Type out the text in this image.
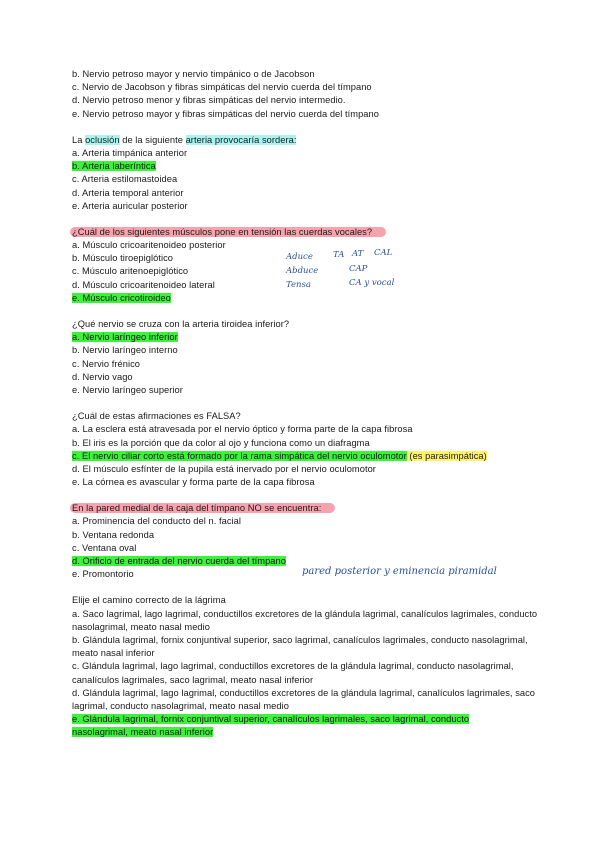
b. Nervio petroso mayor y nervio timpánico o de Jacobson
c. Nervio de Jacobson y fibras simpáticas del nervio cuerda del tímpano
d. Nervio petroso menor y fibras simpáticas del nervio intermedio.
e. Nervio petroso mayor y fibras simpáticas del nervio cuerda del tímpano
La oclusión de la siguiente arteria provocaría sordera:
a. Arteria timpánica anterior
b. Arteria laberíntica
c. Arteria estilomastoidea
d. Arteria temporal anterior
e. Arteria auricular posterior
¿Cuál de los siguientes músculos pone en tensión las cuerdas vocales?
a. Músculo cricoaritenoideo posterior
b. Músculo tiroepiglótico
c. Músculo aritenoepiglótico
d. Músculo cricoaritenoideo lateral
e. Músculo cricotiroideo
¿Qué nervio se cruza con la arteria tiroidea inferior?
a. Nervio laríngeo inferior
b. Nervio laríngeo interno
c. Nervio frénico
d. Nervio vago
e. Nervio laríngeo superior
¿Cuál de estas afirmaciones es FALSA?
a. La esclera está atravesada por el nervio óptico y forma parte de la capa fibrosa
b. El iris es la porción que da color al ojo y funciona como un diafragma
c. El nervio ciliar corto está formado por la rama simpática del nervio oculomotor (es parasimpática)
d. El músculo esfínter de la pupila está inervado por el nervio oculomotor
e. La córnea es avascular y forma parte de la capa fibrosa
En la pared medial de la caja del tímpano NO se encuentra:
a. Prominencia del conducto del n. facial
b. Ventana redonda
c. Ventana oval
d. Orificio de entrada del nervio cuerda del tímpano
e. Promontorio
Elije el camino correcto de la lágrima
a. Saco lagrimal, lago lagrimal, conductillos excretores de la glándula lagrimal, canalículos lagrimales, conducto nasolagrimal, meato nasal medio
b. Glándula lagrimal, fornix conjuntival superior, saco lagrimal, canalículos lagrimales, conducto nasolagrimal, meato nasal inferior
c. Glándula lagrimal, lago lagrimal, conductillos excretores de la glándula lagrimal, conducto nasolagrimal, canalículos lagrimales, saco lagrimal, meato nasal inferior
d. Glándula lagrimal, lago lagrimal, conductillos excretores de la glándula lagrimal, canalículos lagrimales, saco lagrimal, conducto nasolagrimal, meato nasal medio
e. Glándula lagrimal, fornix conjuntival superior, canalículos lagrimales, saco lagrimal, conducto
nasolagrimal, meato nasal inferior
Aduce TA AT CAL
Abduce	CAP
Tensa	CA y vocal
pared posterior y eminencia piramidal
